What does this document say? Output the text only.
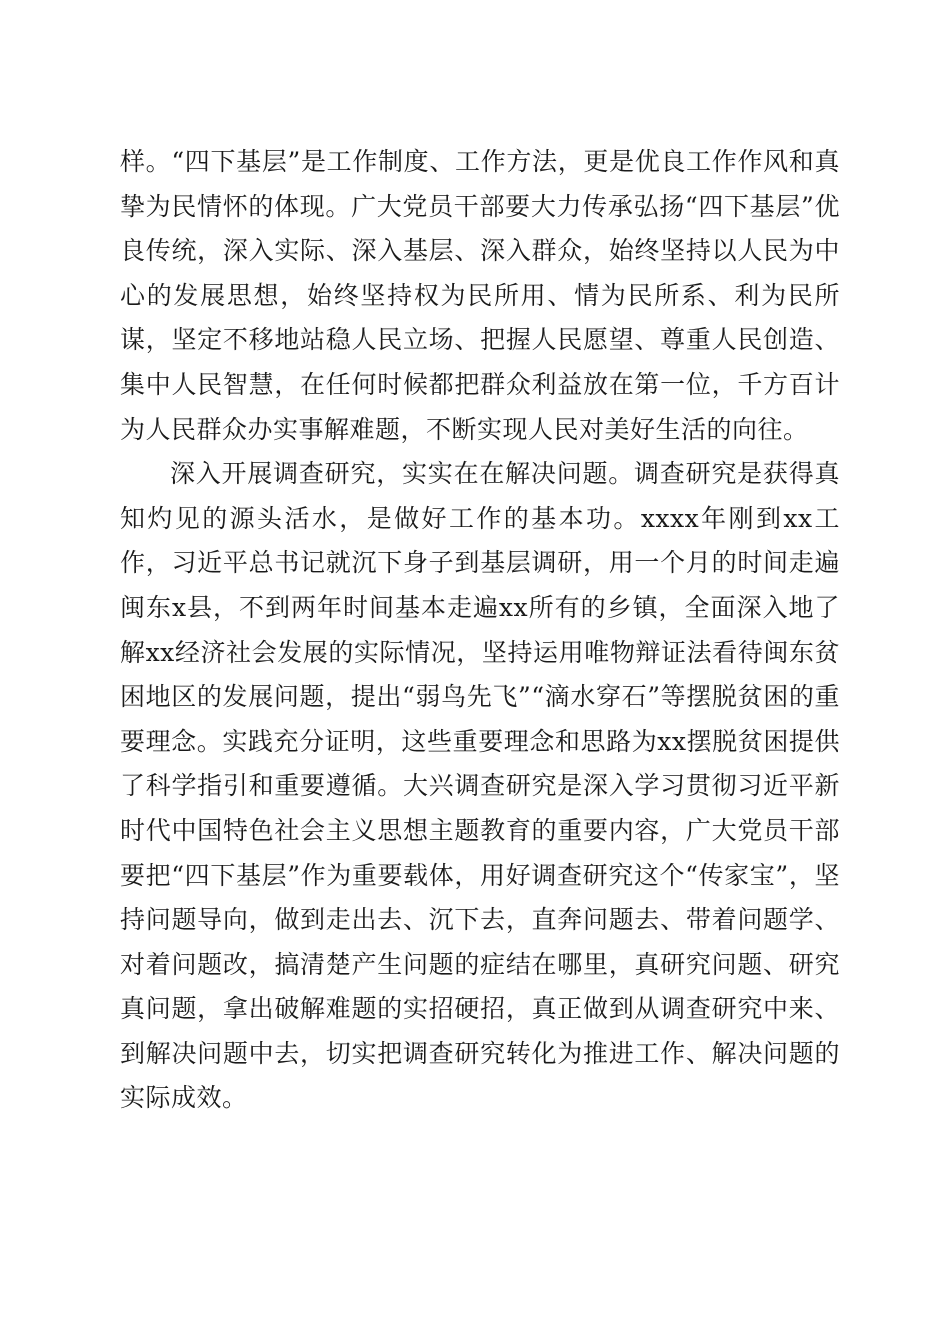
样。“四下基层”是工作制度、工作方法，更是优良工作作风和真挚为民情怀的体现。广大党员干部要大力传承弘扬“四下基层”优良传统，深入实际、深入基层、深入群众，始终坚持以人民为中心的发展思想，始终坚持权为民所用、情为民所系、利为民所谋，坚定不移地站稳人民立场、把握人民愿望、尊重人民创造、集中人民智慧，在任何时候都把群众利益放在第一位，千方百计为人民群众办实事解难题，不断实现人民对美好生活的向往。

深入开展调查研究，实实在在解决问题。调查研究是获得真知灼见的源头活水，是做好工作的基本功。xxxx年刚到xx工作，习近平总书记就沉下身子到基层调研，用一个月的时间走遍闽东x县，不到两年时间基本走遍xx所有的乡镇，全面深入地了解xx经济社会发展的实际情况，坚持运用唯物辩证法看待闽东贫困地区的发展问题，提出“弱鸟先飞”“滴水穿石”等摆脱贫困的重要理念。实践充分证明，这些重要理念和思路为xx摆脱贫困提供了科学指引和重要遵循。大兴调查研究是深入学习贯彻习近平新时代中国特色社会主义思想主题教育的重要内容，广大党员干部要把“四下基层”作为重要载体，用好调查研究这个“传家宝”，坚持问题导向，做到走出去、沉下去，直奔问题去、带着问题学、对着问题改，搞清楚产生问题的症结在哪里，真研究问题、研究真问题，拿出破解难题的实招硬招，真正做到从调查研究中来、到解决问题中去，切实把调查研究转化为推进工作、解决问题的实际成效。
